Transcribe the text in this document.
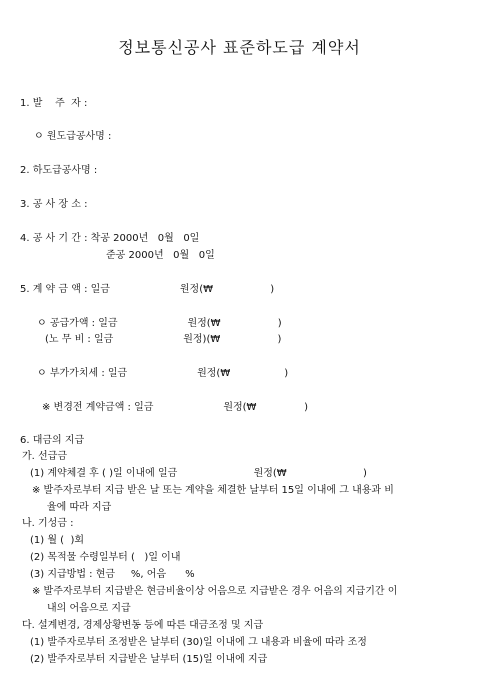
정보통신공사 표준하도급 계약서
1. 발    주  자 :
ㅇ 원도급공사명 :
2. 하도급공사명 :
3. 공 사 장 소 :
4. 공 사 기 간 : 착공 2000년   0월   0일
준공 2000년   0월   0일
5. 계 약 금 액 : 일금                      원정(₩                  )
ㅇ 공급가액 : 일금                      원정(₩                  )
(노 무 비 : 일금                      원정)(₩                  )
ㅇ 부가가치세 : 일금                      원정(₩                 )
※ 변경전 계약금액 : 일금                      원정(₩               )
6. 대금의 지급
가. 선급금
(1) 계약체결 후 ( )일 이내에 일금                        원정(₩                        )
※ 발주자로부터 지급 받은 날 또는 계약을 체결한 날부터 15일 이내에 그 내용과 비
율에 따라 지급
나. 기성금 :
(1) 월 (  )회
(2) 목적물 수령일부터 (   )일 이내
(3) 지급방법 : 현금     %, 어음      %
※ 발주자로부터 지급받은 현금비율이상 어음으로 지급받은 경우 어음의 지급기간 이
내의 어음으로 지급
다. 설계변경, 경제상황변동 등에 따른 대금조정 및 지급
(1) 발주자로부터 조정받은 날부터 (30)일 이내에 그 내용과 비율에 따라 조정
(2) 발주자로부터 지급받은 날부터 (15)일 이내에 지급
